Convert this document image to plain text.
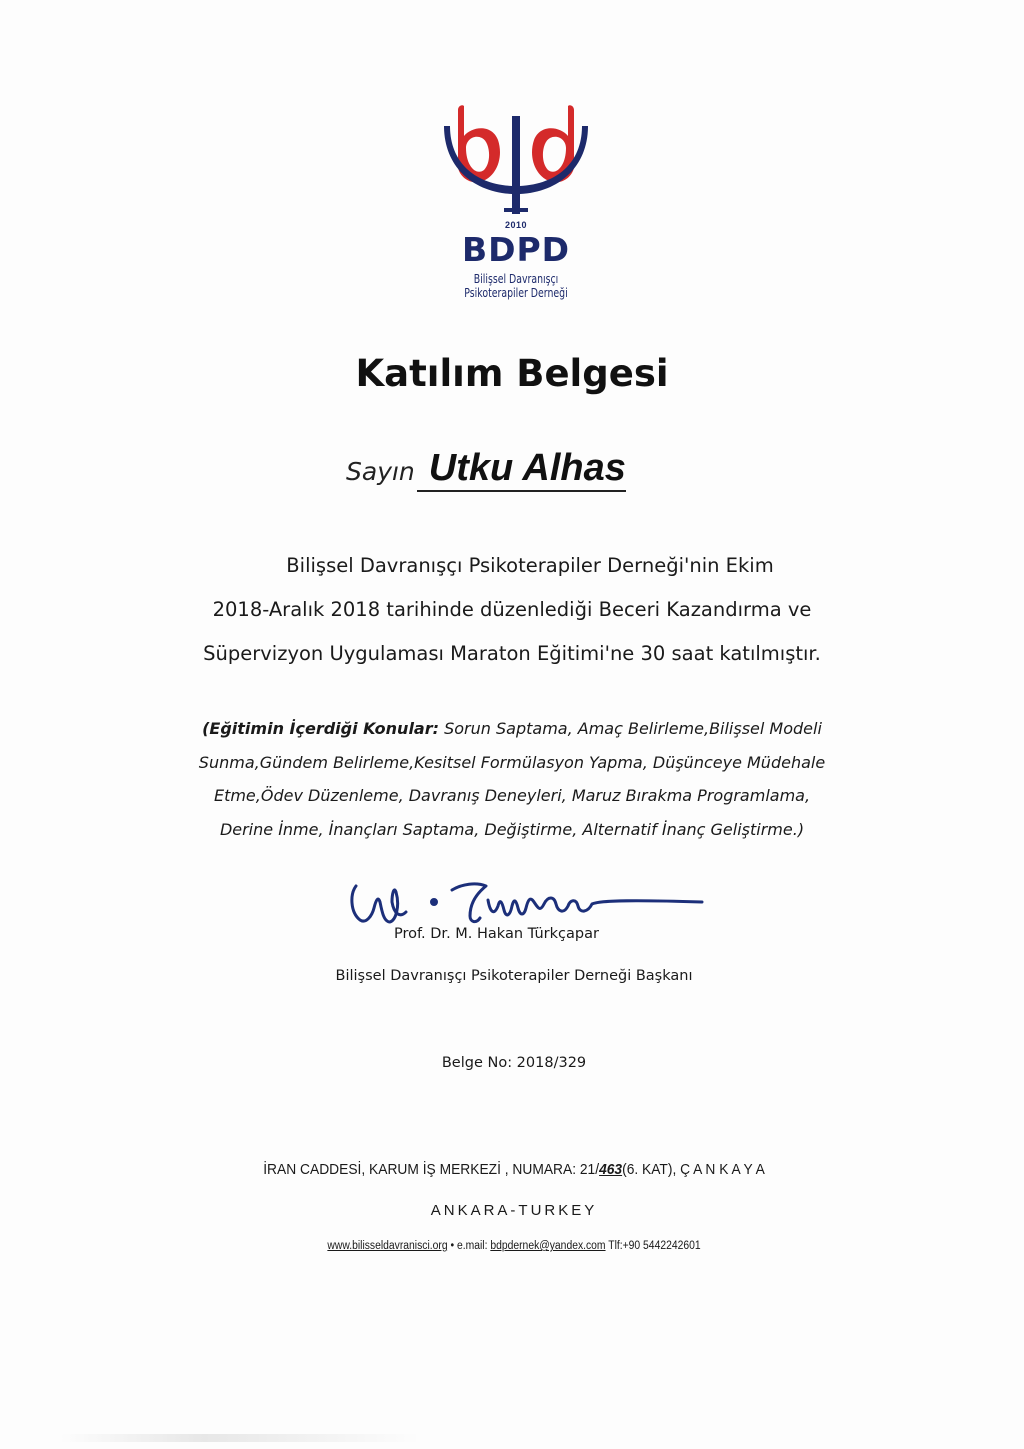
2010
BDPD
Bilişsel Davranışçı
Psikoterapiler Derneği
Katılım Belgesi
Sayın Utku Alhas
Bilişsel Davranışçı Psikoterapiler Derneği'nin Ekim
2018-Aralık 2018 tarihinde düzenlediği Beceri Kazandırma ve
Süpervizyon Uygulaması Maraton Eğitimi'ne 30 saat katılmıştır.
(Eğitimin İçerdiği Konular: Sorun Saptama, Amaç Belirleme,Bilişsel Modeli
Sunma,Gündem Belirleme,Kesitsel Formülasyon Yapma, Düşünceye Müdehale
Etme,Ödev Düzenleme, Davranış Deneyleri, Maruz Bırakma Programlama,
Derine İnme, İnançları Saptama, Değiştirme, Alternatif İnanç Geliştirme.)
Prof. Dr. M. Hakan Türkçapar
Bilişsel Davranışçı Psikoterapiler Derneği Başkanı
Belge No: 2018/329
İRAN CADDESİ, KARUM İŞ MERKEZİ , NUMARA: 21/463(6. KAT), Ç A N K A Y A
ANKARA-TURKEY
www.bilisseldavranisci.org • e.mail: bdpdernek@yandex.com Tlf:+90 5442242601
